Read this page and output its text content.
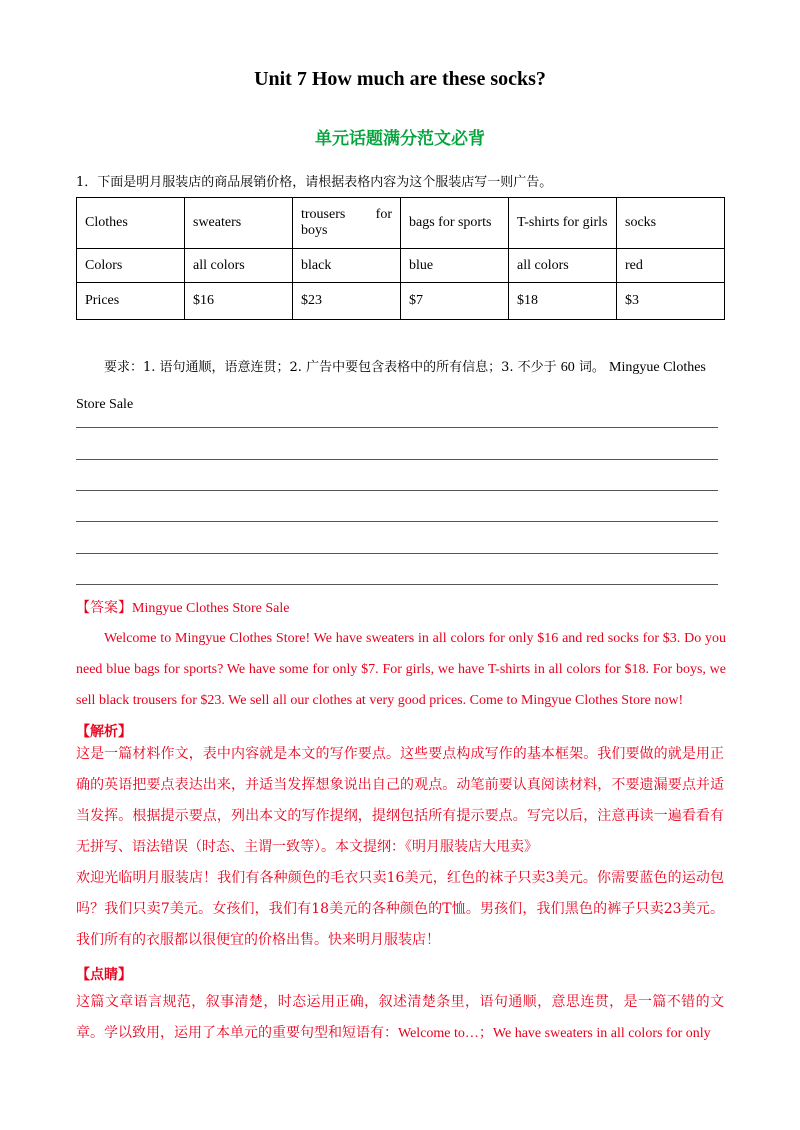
Unit 7 How much are these socks?
单元话题满分范文必背
1．下面是明月服装店的商品展销价格，请根据表格内容为这个服装店写一则广告。
Clothes	sweaters	trousers for boys	bags for sports	T-shirts for girls	socks
Colors	all colors	black	blue	all colors	red
Prices	$16	$23	$7	$18	$3
要求：1. 语句通顺，语意连贯；2. 广告中要包含表格中的所有信息；3. 不少于 60 词。 Mingyue Clothes Store Sale
【答案】Mingyue Clothes Store Sale
Welcome to Mingyue Clothes Store! We have sweaters in all colors for only $16 and red socks for $3. Do you need blue bags for sports? We have some for only $7. For girls, we have T-shirts in all colors for $18. For boys, we sell black trousers for $23. We sell all our clothes at very good prices. Come to Mingyue Clothes Store now!
【解析】
这是一篇材料作文，表中内容就是本文的写作要点。这些要点构成写作的基本框架。我们要做的就是用正确的英语把要点表达出来，并适当发挥想象说出自己的观点。动笔前要认真阅读材料，不要遗漏要点并适当发挥。根据提示要点，列出本文的写作提纲，提纲包括所有提示要点。写完以后，注意再读一遍看看有无拼写、语法错误（时态、主谓一致等）。本文提纲：《明月服装店大甩卖》
欢迎光临明月服装店！我们有各种颜色的毛衣只卖16美元，红色的袜子只卖3美元。你需要蓝色的运动包吗？我们只卖7美元。女孩们，我们有18美元的各种颜色的T恤。男孩们，我们黑色的裤子只卖23美元。我们所有的衣服都以很便宜的价格出售。快来明月服装店！
【点睛】
这篇文章语言规范，叙事清楚，时态运用正确，叙述清楚条里，语句通顺，意思连贯，是一篇不错的文章。学以致用，运用了本单元的重要句型和短语有：Welcome to…；We have sweaters in all colors for only
